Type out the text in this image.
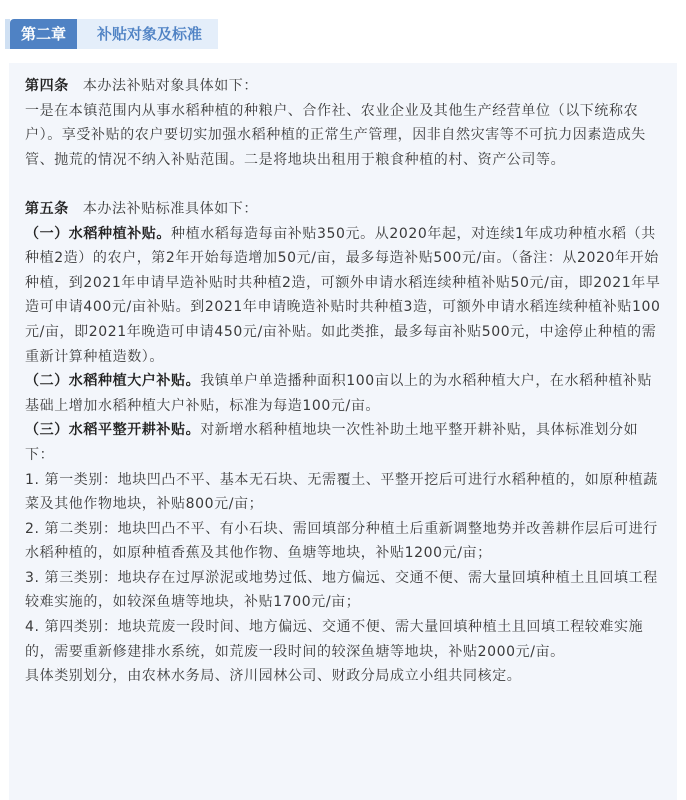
第二章	补贴对象及标准

第四条 本办法补贴对象具体如下：

一是在本镇范围内从事水稻种植的种粮户、合作社、农业企业及其他生产经营单位（以下统称农户）。享受补贴的农户要切实加强水稻种植的正常生产管理，因非自然灾害等不可抗力因素造成失管、抛荒的情况不纳入补贴范围。二是将地块出租用于粮食种植的村、资产公司等。

第五条 本办法补贴标准具体如下：

（一）水稻种植补贴。种植水稻每造每亩补贴350元。从2020年起，对连续1年成功种植水稻（共种植2造）的农户，第2年开始每造增加50元/亩，最多每造补贴500元/亩。（备注：从2020年开始种植，到2021年申请早造补贴时共种植2造，可额外申请水稻连续种植补贴50元/亩，即2021年早造可申请400元/亩补贴。到2021年申请晚造补贴时共种植3造，可额外申请水稻连续种植补贴100元/亩，即2021年晚造可申请450元/亩补贴。如此类推，最多每亩补贴500元，中途停止种植的需重新计算种植造数）。

（二）水稻种植大户补贴。我镇单户单造播种面积100亩以上的为水稻种植大户，在水稻种植补贴基础上增加水稻种植大户补贴，标准为每造100元/亩。

（三）水稻平整开耕补贴。对新增水稻种植地块一次性补助土地平整开耕补贴，具体标准划分如下：

1. 第一类别：地块凹凸不平、基本无石块、无需覆土、平整开挖后可进行水稻种植的，如原种植蔬菜及其他作物地块，补贴800元/亩；

2. 第二类别：地块凹凸不平、有小石块、需回填部分种植土后重新调整地势并改善耕作层后可进行水稻种植的，如原种植香蕉及其他作物、鱼塘等地块，补贴1200元/亩；

3. 第三类别：地块存在过厚淤泥或地势过低、地方偏远、交通不便、需大量回填种植土且回填工程较难实施的，如较深鱼塘等地块，补贴1700元/亩；

4. 第四类别：地块荒废一段时间、地方偏远、交通不便、需大量回填种植土且回填工程较难实施的，需要重新修建排水系统，如荒废一段时间的较深鱼塘等地块，补贴2000元/亩。

具体类别划分，由农林水务局、济川园林公司、财政分局成立小组共同核定。
